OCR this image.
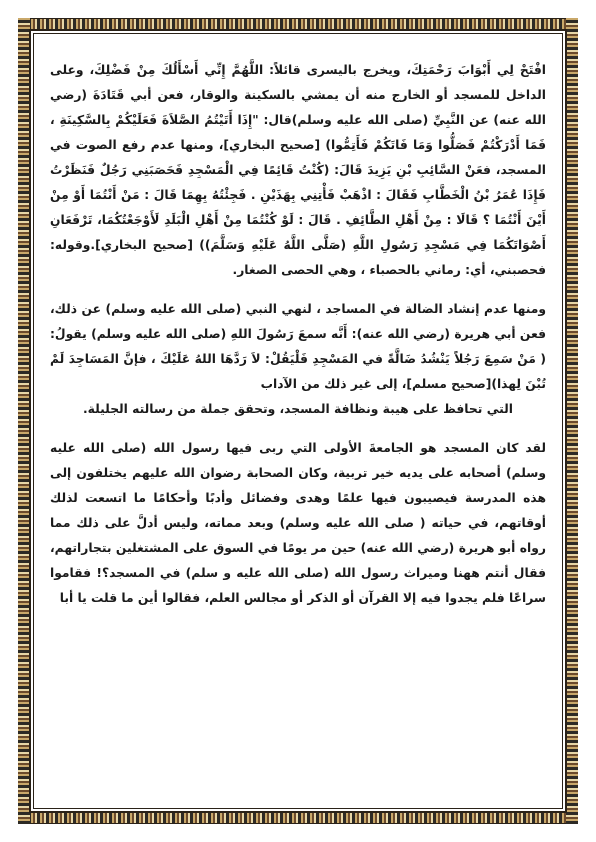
افْتَحْ لِي أَبْوَابَ رَحْمَتِكَ، ويخرج باليسرى قائلاً: اللَّهُمَّ إِنِّي أَسْأَلُكَ مِنْ فَضْلِكَ، وعلى الداخل للمسجد أو الخارج منه أن يمشي بالسكينة والوقار، فعن أبي قَتَادَةَ (رضي الله عنه) عن النَّبِيِّ (صلى الله عليه وسلم)قال: "إِذَا أَتَيْتُمُ الصَّلاَةَ فَعَلَيْكُمْ بِالسَّكِينَةِ ، فَمَا أَدْرَكْتُمْ فَصَلُّوا وَمَا فَاتَكُمْ فَأَتِمُّوا) [صحيح البخاري]، ومنها عدم رفع الصوت في المسجد، فعَنْ السَّائِبِ بْنِ يَزِيدَ قَالَ: (كُنْتُ قَائِمًا فِي الْمَسْجِدِ فَحَصَبَنِي رَجُلٌ فَنَظَرْتُ فَإِذَا عُمَرُ بْنُ الْخَطَّابِ فَقَالَ : اذْهَبْ فَأْتِنِي بِهَذَيْنِ . فَجِئْتُهُ بِهِمَا قَالَ : مَنْ أَنْتُمَا أَوْ مِنْ أَيْنَ أَنْتُمَا ؟ قَالَا : مِنْ أَهْلِ الطَّائِفِ . قَالَ : لَوْ كُنْتُمَا مِنْ أَهْلِ الْبَلَدِ لَأَوْجَعْتُكُمَا، تَرْفَعَانِ أَصْوَاتَكُمَا فِي مَسْجِدِ رَسُولِ اللَّهِ (صَلَّى اللَّهُ عَلَيْهِ وَسَلَّمَ)) [صحيح البخاري].وقوله: فحصبني، أي: رماني بالحصباء ، وهي الحصى الصغار.

ومنها عدم إنشاد الضالة في المساجد ، لنهي النبي (صلى الله عليه وسلم) عن ذلك، فعن أبي هريرة (رضي الله عنه): أَنَّه سمعَ رَسُولَ اللهِ (صلى الله عليه وسلم) يقولُ: ( مَنْ سَمِعَ رَجُلاً يَنْشُدُ ضَالَّةً في المَسْجِدِ فَلْيَقُلْ: لاَ رَدَّهَا اللهُ عَلَيْكَ ، فإنَّ المَسَاجِدَ لَمْ تُبْنَ لِهذا)[صحيح مسلم]، إلى غير ذلك من الآداب

التي تحافظ على هيبة ونظافة المسجد، وتحقق جملة من رسالته الجليلة.

لقد كان المسجد هو الجامعةَ الأولى التي ربى فيها رسول الله (صلى الله عليه وسلم) أصحابه على يديه خير تربية، وكان الصحابة رضوان الله عليهم يختلفون إلى هذه المدرسة فيصيبون فيها علمًا وهدى وفضائل وأدبًا وأحكامًا ما اتسعت لذلك أوقاتهم، في حياته ( صلى الله عليه وسلم) وبعد مماته، وليس أدلَّ على ذلك مما رواه أبو هريرة (رضي الله عنه) حين مر يومًا في السوق على المشتغلين بتجاراتهم، فقال أنتم ههنا وميراث رسول الله (صلى الله عليه و سلم) في المسجد؟! فقاموا سراعًا فلم يجدوا فيه إلا القرآن أو الذكر أو مجالس العلم، فقالوا أين ما قلت يا أبا
